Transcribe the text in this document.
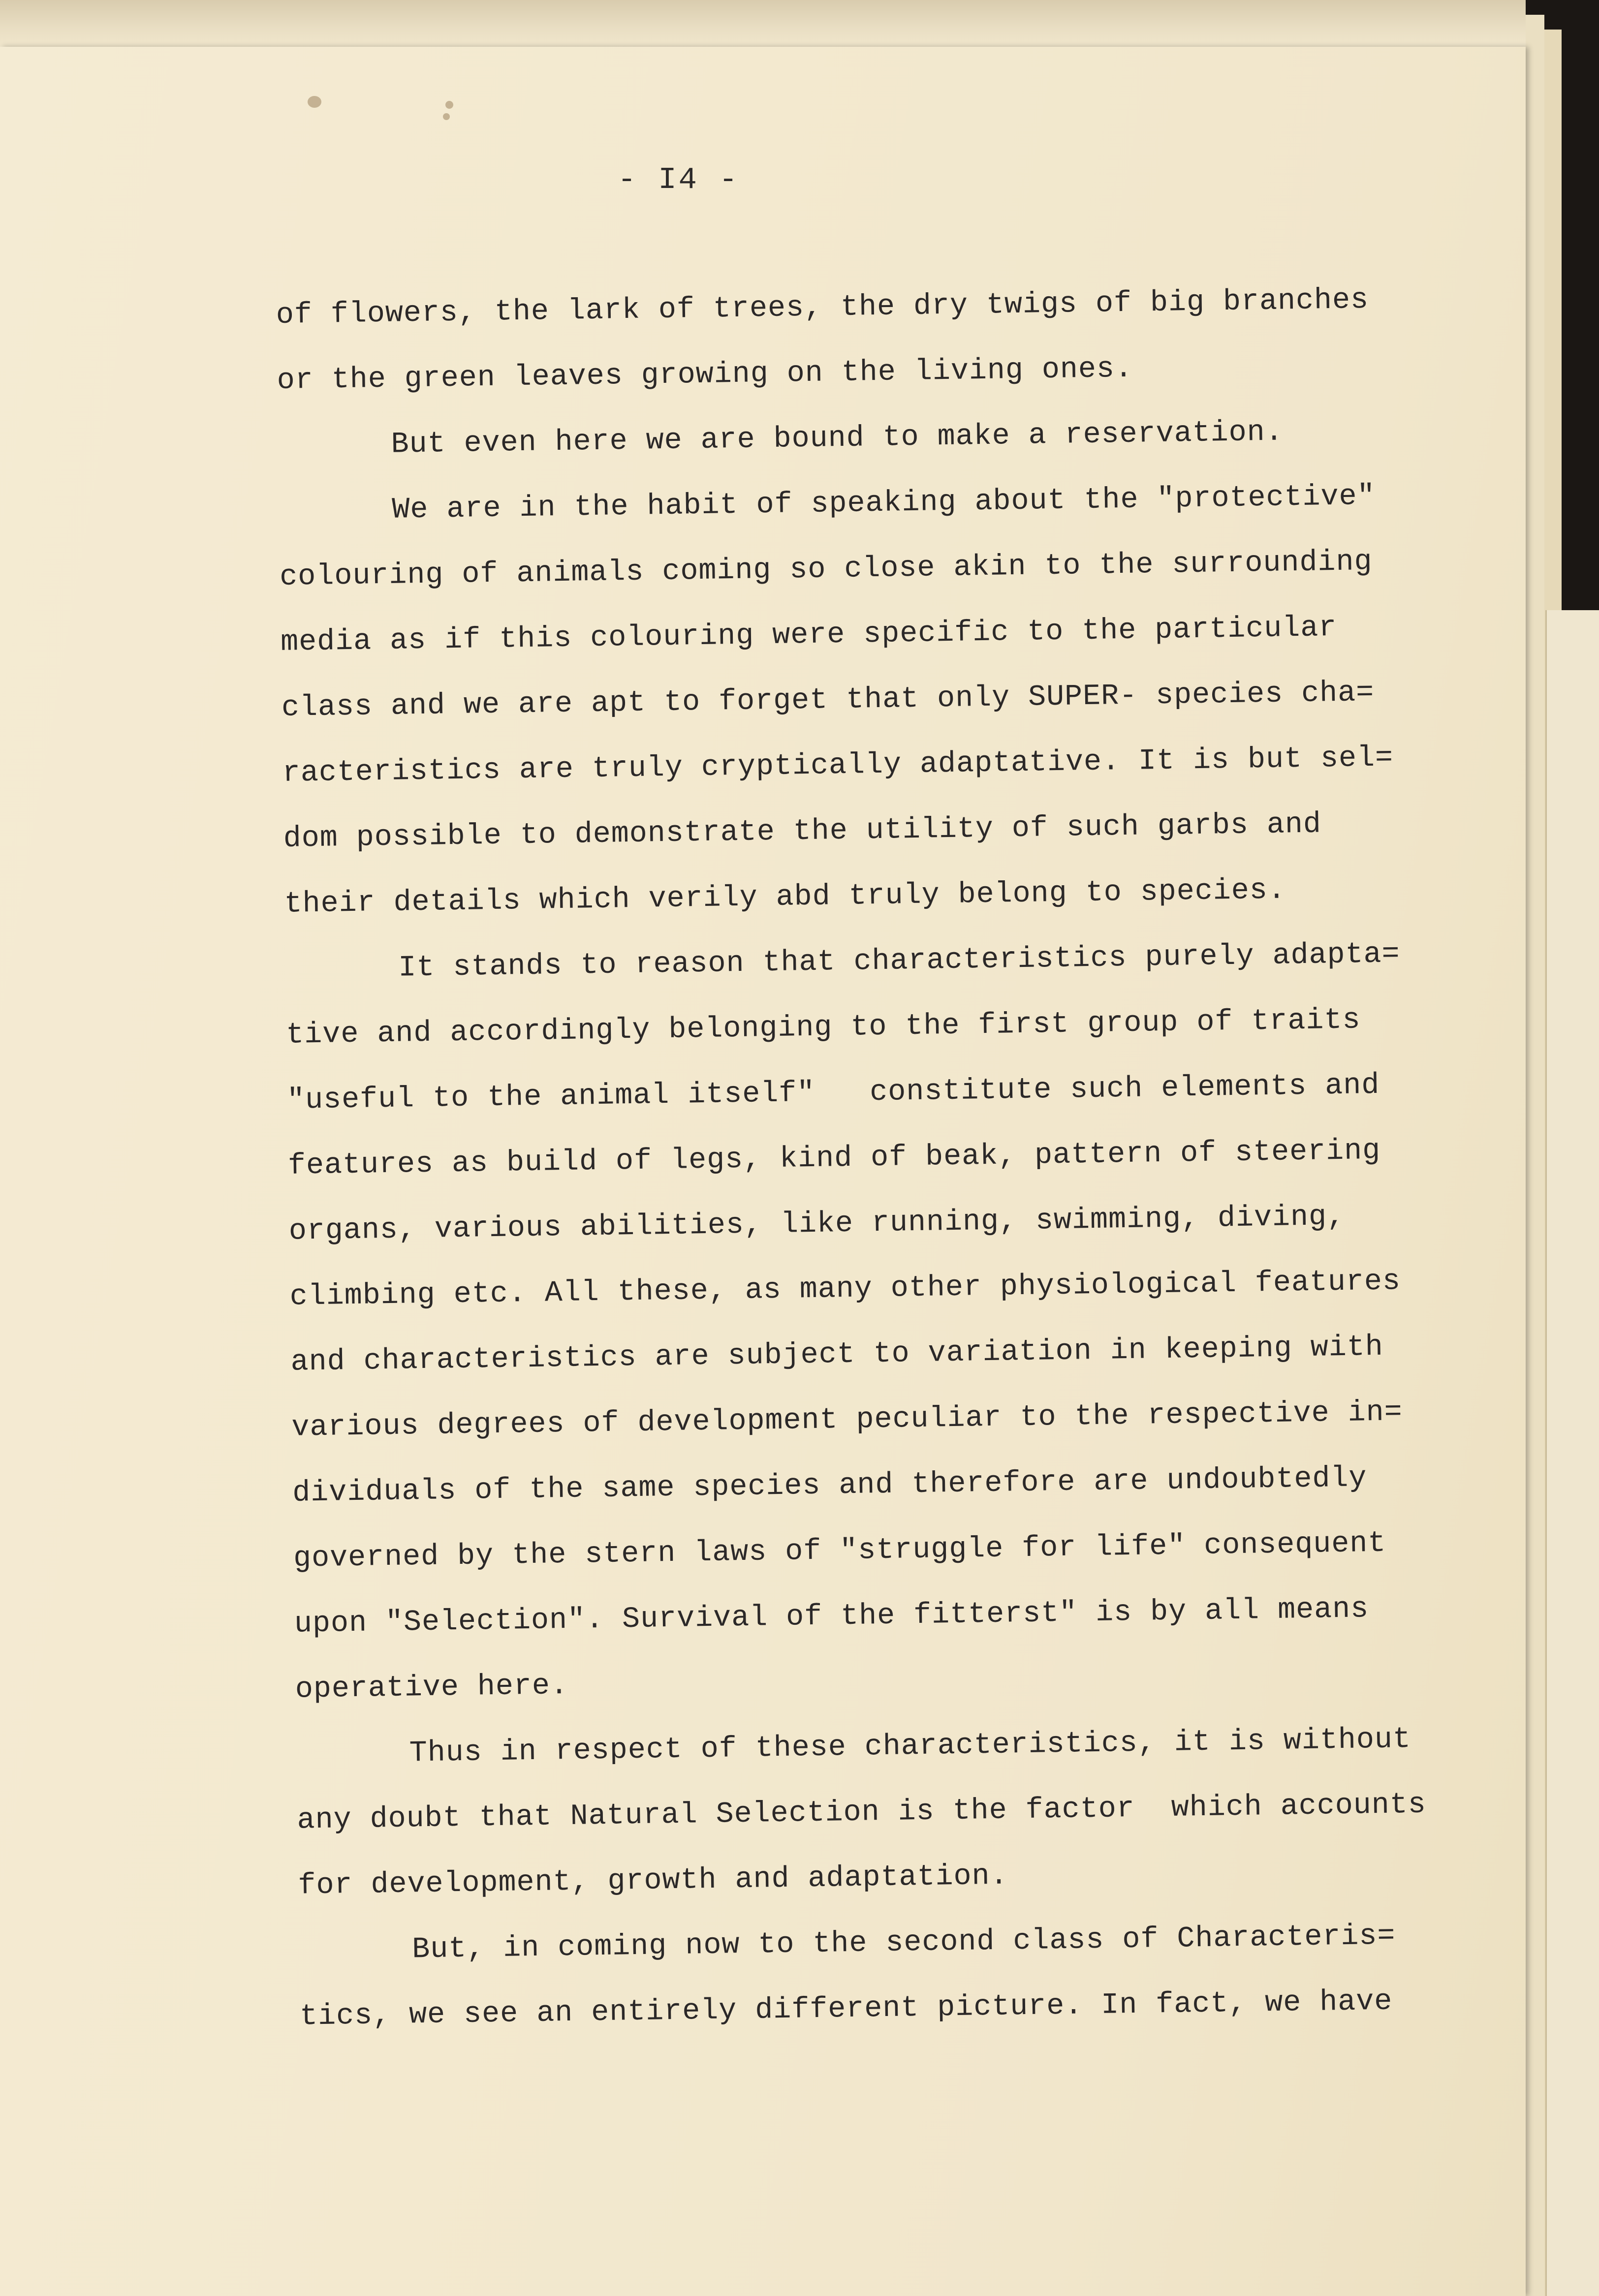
- I4 -
of flowers, the lark of trees, the dry twigs of big branches
or the green leaves growing on the living ones.
But even here we are bound to make a reservation.
We are in the habit of speaking about the "protective"
colouring of animals coming so close akin to the surrounding
media as if this colouring were specific to the particular
class and we are apt to forget that only SUPER- species cha=
racteristics are truly cryptically adaptative. It is but sel=
dom possible to demonstrate the utility of such garbs and
their details which verily abd truly belong to species.
It stands to reason that characteristics purely adapta=
tive and accordingly belonging to the first group of traits
"useful to the animal itself"   constitute such elements and
features as build of legs, kind of beak, pattern of steering
organs, various abilities, like running, swimming, diving,
climbing etc. All these, as many other physiological features
and characteristics are subject to variation in keeping with
various degrees of development peculiar to the respective in=
dividuals of the same species and therefore are undoubtedly
governed by the stern laws of "struggle for life" consequent
upon "Selection". Survival of the fitterst" is by all means
operative here.
Thus in respect of these characteristics, it is without
any doubt that Natural Selection is the factor  which accounts
for development, growth and adaptation.
But, in coming now to the second class of Characteris=
tics, we see an entirely different picture. In fact, we have
